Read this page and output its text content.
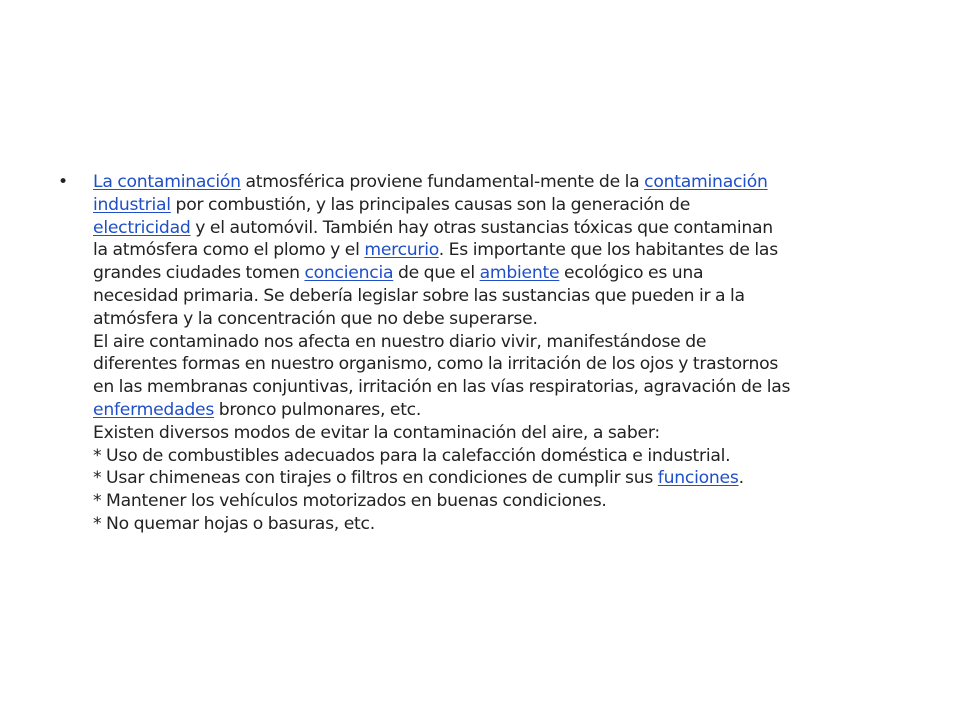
•	La contaminación atmosférica proviene fundamental-mente de la contaminación
industrial por combustión, y las principales causas son la generación de
electricidad y el automóvil. También hay otras sustancias tóxicas que contaminan
la atmósfera como el plomo y el mercurio. Es importante que los habitantes de las
grandes ciudades tomen conciencia de que el ambiente ecológico es una
necesidad primaria. Se debería legislar sobre las sustancias que pueden ir a la
atmósfera y la concentración que no debe superarse.
El aire contaminado nos afecta en nuestro diario vivir, manifestándose de
diferentes formas en nuestro organismo, como la irritación de los ojos y trastornos
en las membranas conjuntivas, irritación en las vías respiratorias, agravación de las
enfermedades bronco pulmonares, etc.
Existen diversos modos de evitar la contaminación del aire, a saber:
* Uso de combustibles adecuados para la calefacción doméstica e industrial.
* Usar chimeneas con tirajes o filtros en condiciones de cumplir sus funciones.
* Mantener los vehículos motorizados en buenas condiciones.
* No quemar hojas o basuras, etc.
